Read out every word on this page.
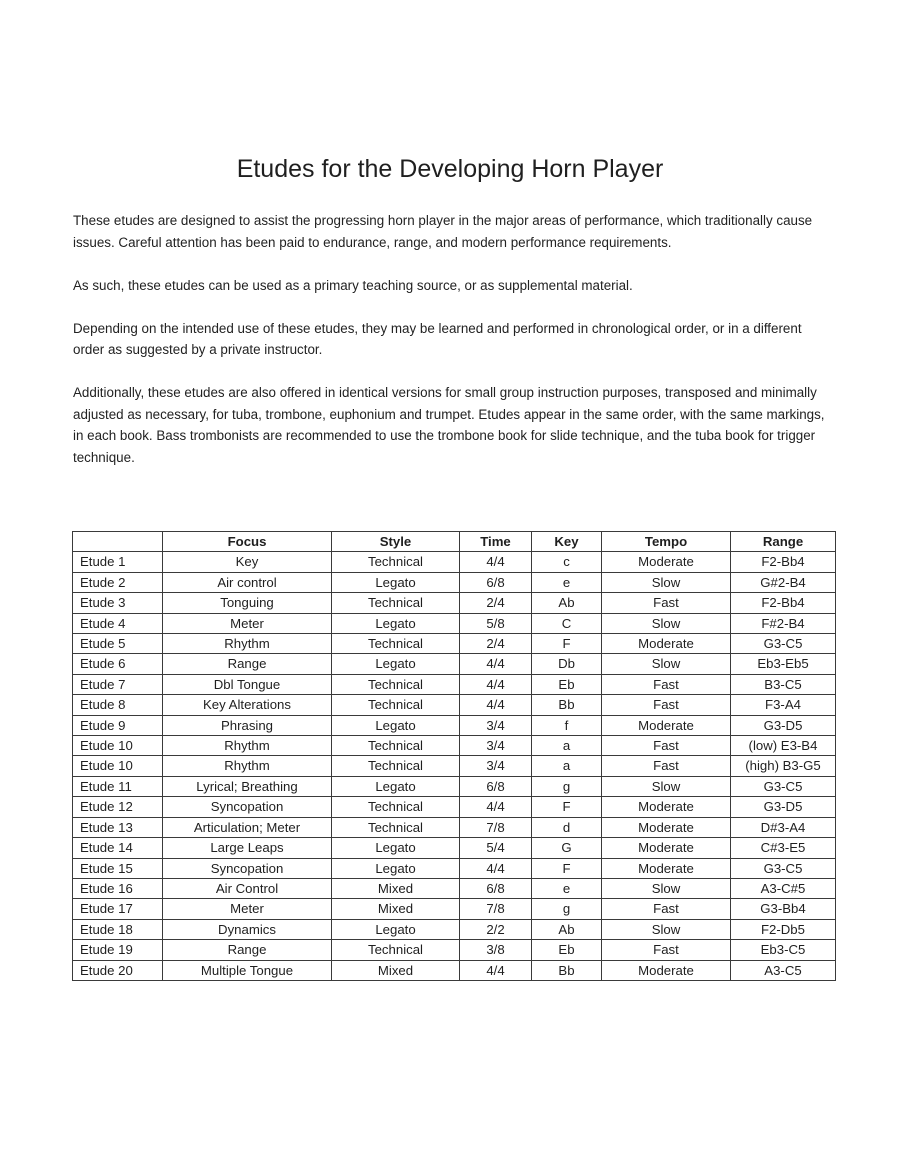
Etudes for the Developing Horn Player

These etudes are designed to assist the progressing horn player in the major areas of performance, which traditionally cause issues. Careful attention has been paid to endurance, range, and modern performance requirements.

As such, these etudes can be used as a primary teaching source, or as supplemental material.

Depending on the intended use of these etudes, they may be learned and performed in chronological order, or in a different order as suggested by a private instructor.

Additionally, these etudes are also offered in identical versions for small group instruction purposes, transposed and minimally adjusted as necessary, for tuba, trombone, euphonium and trumpet. Etudes appear in the same order, with the same markings, in each book. Bass trombonists are recommended to use the trombone book for slide technique, and the tuba book for trigger technique.

	Focus	Style	Time	Key	Tempo	Range
Etude 1	Key	Technical	4/4	c	Moderate	F2-Bb4
Etude 2	Air control	Legato	6/8	e	Slow	G#2-B4
Etude 3	Tonguing	Technical	2/4	Ab	Fast	F2-Bb4
Etude 4	Meter	Legato	5/8	C	Slow	F#2-B4
Etude 5	Rhythm	Technical	2/4	F	Moderate	G3-C5
Etude 6	Range	Legato	4/4	Db	Slow	Eb3-Eb5
Etude 7	Dbl Tongue	Technical	4/4	Eb	Fast	B3-C5
Etude 8	Key Alterations	Technical	4/4	Bb	Fast	F3-A4
Etude 9	Phrasing	Legato	3/4	f	Moderate	G3-D5
Etude 10	Rhythm	Technical	3/4	a	Fast	(low) E3-B4
Etude 10	Rhythm	Technical	3/4	a	Fast	(high) B3-G5
Etude 11	Lyrical; Breathing	Legato	6/8	g	Slow	G3-C5
Etude 12	Syncopation	Technical	4/4	F	Moderate	G3-D5
Etude 13	Articulation; Meter	Technical	7/8	d	Moderate	D#3-A4
Etude 14	Large Leaps	Legato	5/4	G	Moderate	C#3-E5
Etude 15	Syncopation	Legato	4/4	F	Moderate	G3-C5
Etude 16	Air Control	Mixed	6/8	e	Slow	A3-C#5
Etude 17	Meter	Mixed	7/8	g	Fast	G3-Bb4
Etude 18	Dynamics	Legato	2/2	Ab	Slow	F2-Db5
Etude 19	Range	Technical	3/8	Eb	Fast	Eb3-C5
Etude 20	Multiple Tongue	Mixed	4/4	Bb	Moderate	A3-C5
